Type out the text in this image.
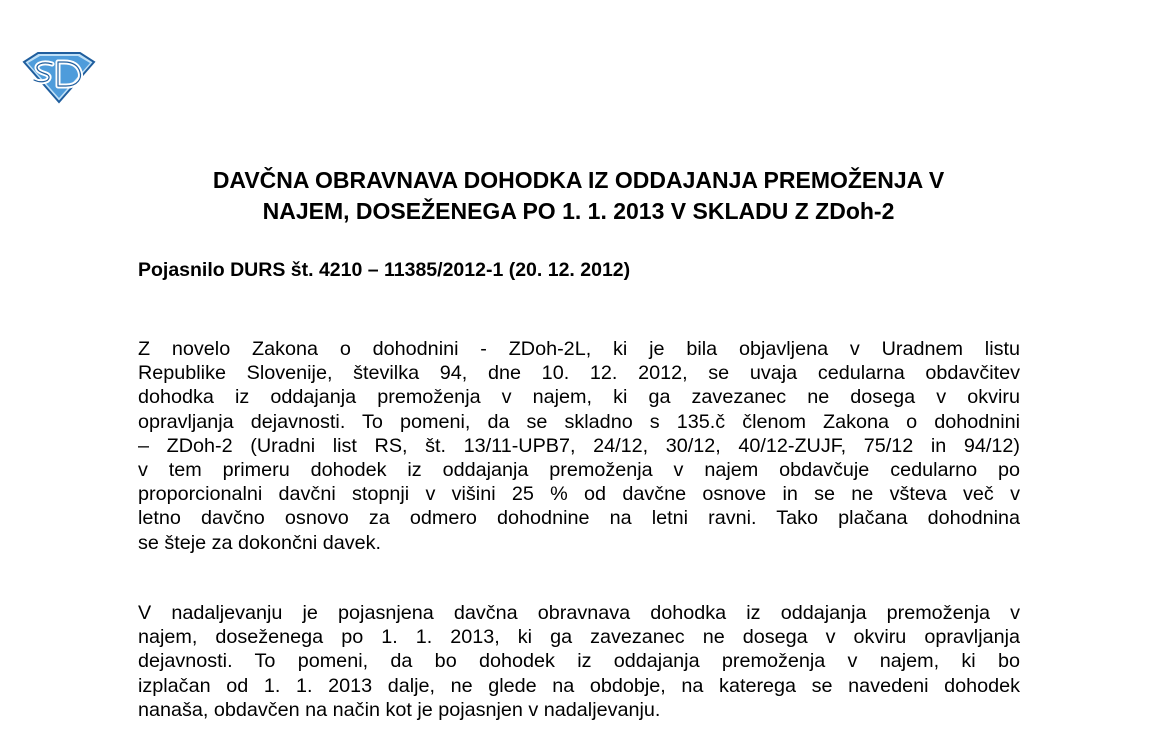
DAVČNA OBRAVNAVA DOHODKA IZ ODDAJANJA PREMOŽENJA V
NAJEM, DOSEŽENEGA PO 1. 1. 2013 V SKLADU Z ZDoh-2

Pojasnilo DURS št. 4210 – 11385/2012-1 (20. 12. 2012)

Z novelo Zakona o dohodnini - ZDoh-2L, ki je bila objavljena v Uradnem listu
Republike Slovenije, številka 94, dne 10. 12. 2012, se uvaja cedularna obdavčitev
dohodka iz oddajanja premoženja v najem, ki ga zavezanec ne dosega v okviru
opravljanja dejavnosti. To pomeni, da se skladno s 135.č členom Zakona o dohodnini
– ZDoh-2 (Uradni list RS, št. 13/11-UPB7, 24/12, 30/12, 40/12-ZUJF, 75/12 in 94/12)
v tem primeru dohodek iz oddajanja premoženja v najem obdavčuje cedularno po
proporcionalni davčni stopnji v višini 25 % od davčne osnove in se ne všteva več v
letno davčno osnovo za odmero dohodnine na letni ravni. Tako plačana dohodnina
se šteje za dokončni davek.
V nadaljevanju je pojasnjena davčna obravnava dohodka iz oddajanja premoženja v
najem, doseženega po 1. 1. 2013, ki ga zavezanec ne dosega v okviru opravljanja
dejavnosti. To pomeni, da bo dohodek iz oddajanja premoženja v najem, ki bo
izplačan od 1. 1. 2013 dalje, ne glede na obdobje, na katerega se navedeni dohodek
nanaša, obdavčen na način kot je pojasnjen v nadaljevanju.
